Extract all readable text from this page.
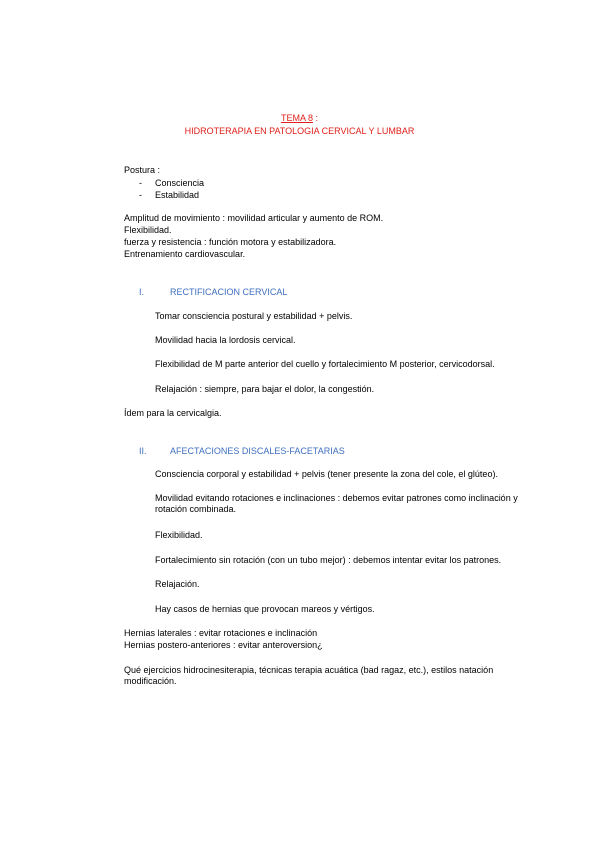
TEMA 8 :
HIDROTERAPIA EN PATOLOGIA CERVICAL Y LUMBAR
Postura :
- Consciencia
- Estabilidad
Amplitud de movimiento : movilidad articular y aumento de ROM.
Flexibilidad.
fuerza y resistencia : función motora y estabilizadora.
Entrenamiento cardiovascular.
I.	RECTIFICACION CERVICAL
Tomar consciencia postural y estabilidad + pelvis.
Movilidad hacia la lordosis cervical.
Flexibilidad de M parte anterior del cuello y fortalecimiento M posterior, cervicodorsal.
Relajación : siempre, para bajar el dolor, la congestión.
Ídem para la cervicalgia.
II.	AFECTACIONES DISCALES-FACETARIAS
Consciencia corporal y estabilidad + pelvis (tener presente la zona del cole, el glúteo).
Movilidad evitando rotaciones e inclinaciones : debemos evitar patrones como inclinación y rotación combinada.
Flexibilidad.
Fortalecimiento sin rotación (con un tubo mejor) : debemos intentar evitar los patrones.
Relajación.
Hay casos de hernias que provocan mareos y vértigos.
Hernias laterales : evitar rotaciones e inclinación
Hernias postero-anteriores : evitar anteroversion¿
Qué ejercicios hidrocinesiterapia, técnicas terapia acuática (bad ragaz, etc.), estilos natación modificación.
